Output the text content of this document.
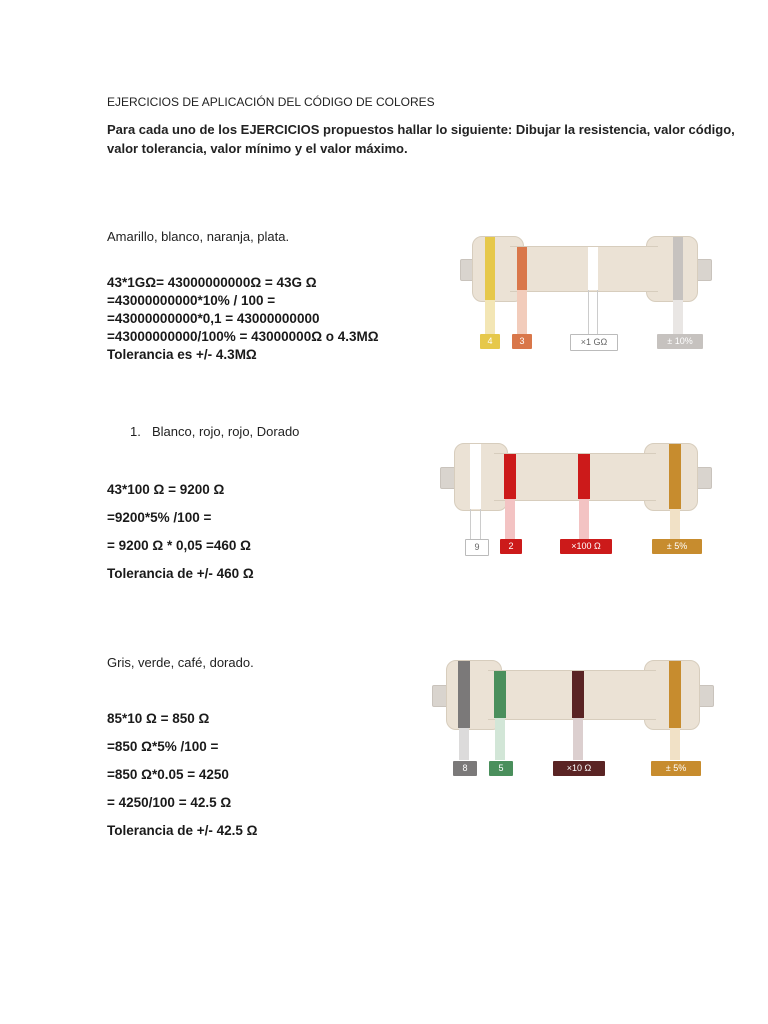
EJERCICIOS DE APLICACIÓN DEL CÓDIGO DE COLORES
Para cada uno de los EJERCICIOS propuestos hallar lo siguiente: Dibujar la resistencia, valor código,
valor tolerancia, valor mínimo y el valor máximo.
Amarillo, blanco, naranja, plata.
43*1GΩ= 43000000000Ω = 43G Ω
=43000000000*10% / 100 =
=43000000000*0,1 = 43000000000
=43000000000/100% = 43000000Ω o 4.3MΩ
Tolerancia es +/- 4.3MΩ
4	3	×1 GΩ	± 10%
1. Blanco, rojo, rojo, Dorado
43*100 Ω = 9200 Ω
=9200*5% /100 =
= 9200 Ω * 0,05 =460 Ω
Tolerancia de +/- 460 Ω
9	2	×100 Ω	± 5%
Gris, verde, café, dorado.
85*10 Ω = 850 Ω
=850 Ω*5% /100 =
=850 Ω*0.05 = 4250
= 4250/100 = 42.5 Ω
Tolerancia de +/- 42.5 Ω
8	5	×10 Ω	± 5%
